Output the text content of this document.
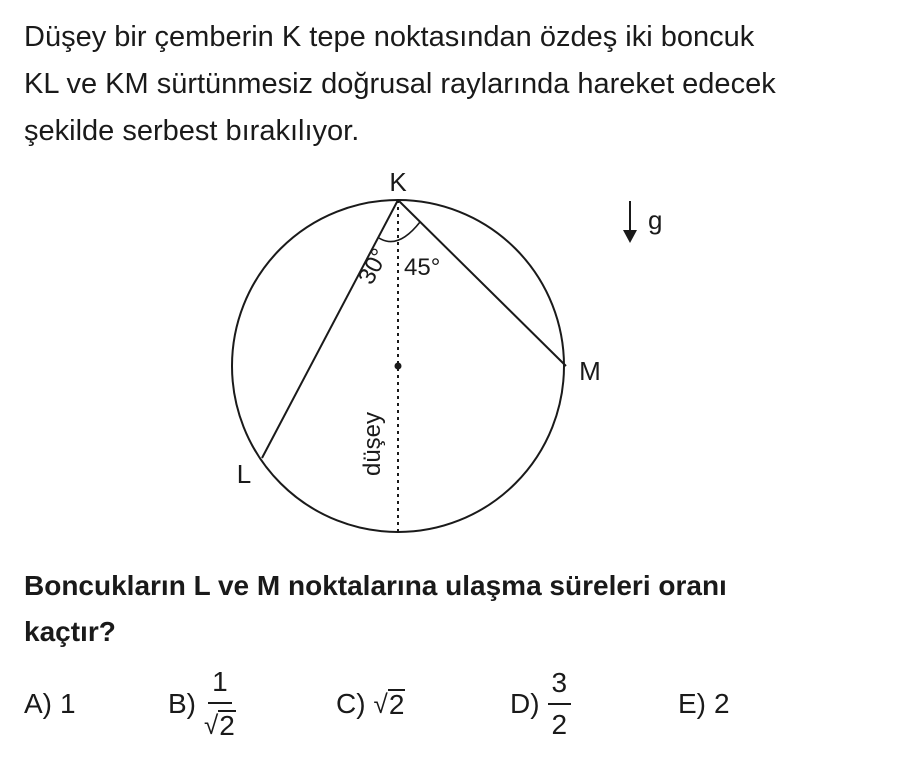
Düşey bir çemberin K tepe noktasından özdeş iki boncuk
KL ve KM sürtünmesiz doğrusal raylarında hareket edecek
şekilde serbest bırakılıyor.
K
L
M
30° 45°
düşey
g
Boncukların L ve M noktalarına ulaşma süreleri oranı
kaçtır?
A) 1	$B) \frac{1}{√ 2}$	C) √ 2	$D) \frac{3}{2}$	E) 2
